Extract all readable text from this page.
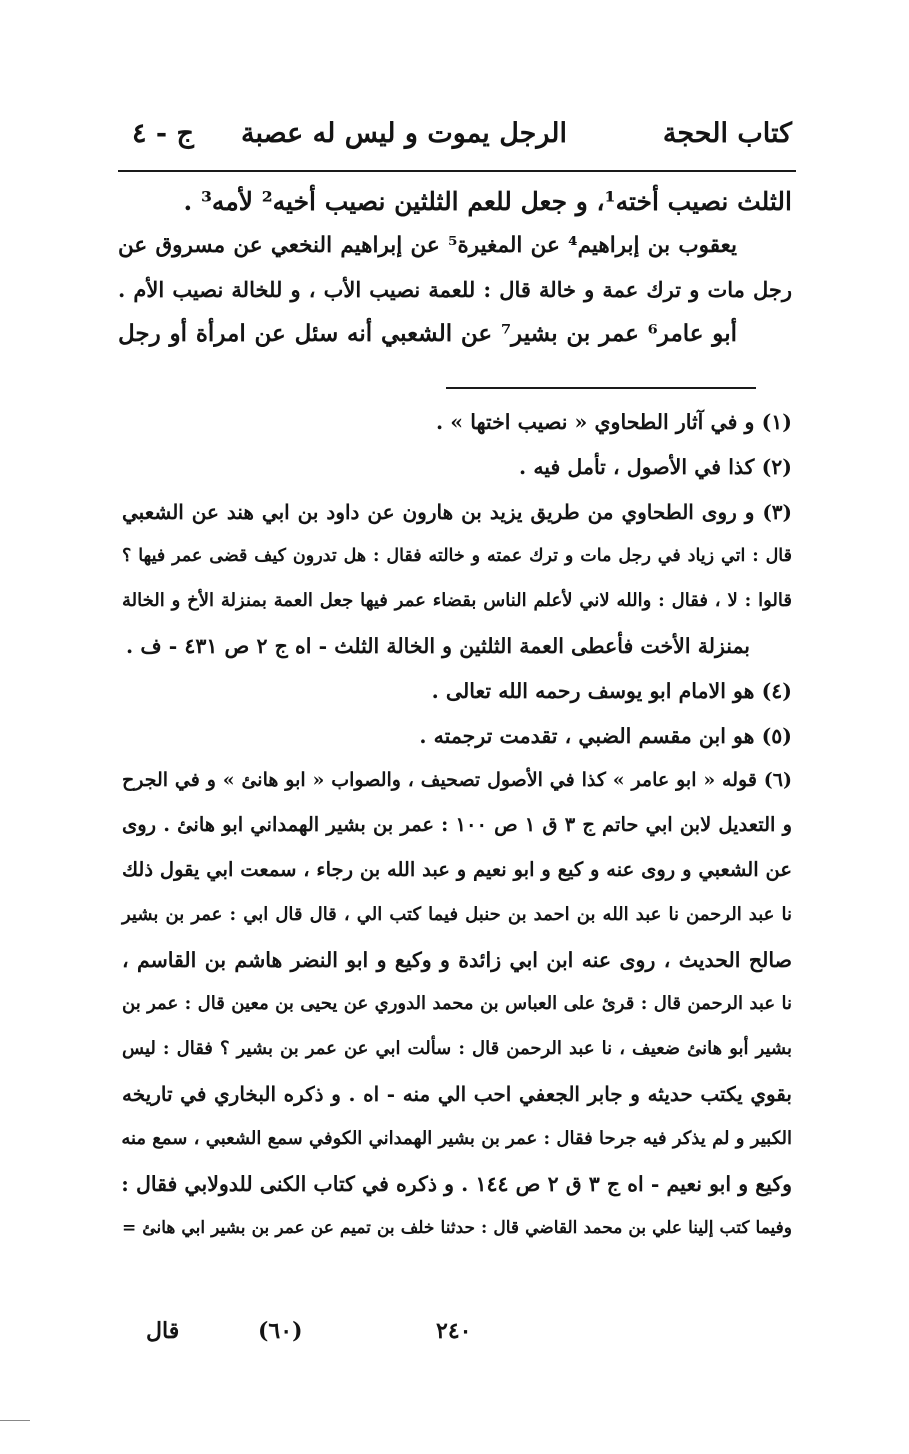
كتاب الحجة
الرجل يموت و ليس له عصبة
ج - ٤
الثلث نصيب أخته¹، و جعل للعم الثلثين نصيب أخيه² لأمه³ .
يعقوب بن إبراهيم⁴ عن المغيرة⁵ عن إبراهيم النخعي عن مسروق عن
رجل مات و ترك عمة و خالة قال : للعمة نصيب الأب ، و للخالة نصيب الأم .
أبو عامر⁶ عمر بن بشير⁷ عن الشعبي أنه سئل عن امرأة أو رجل
(١) و في آثار الطحاوي « نصيب اختها » .
(٢) كذا في الأصول ، تأمل فيه .
(٣) و روى الطحاوي من طريق يزيد بن هارون عن داود بن ابي هند عن الشعبي
قال : اتي زياد في رجل مات و ترك عمته و خالته فقال : هل تدرون كيف قضى عمر فيها ؟
قالوا : لا ، فقال : والله لاني لأعلم الناس بقضاء عمر فيها جعل العمة بمنزلة الأخ و الخالة
بمنزلة الأخت فأعطى العمة الثلثين و الخالة الثلث - اه ج ٢ ص ٤٣١ - ف .
(٤) هو الامام ابو يوسف رحمه الله تعالى .
(٥) هو ابن مقسم الضبي ، تقدمت ترجمته .
(٦) قوله « ابو عامر » كذا في الأصول تصحيف ، والصواب « ابو هانئ » و في الجرح
و التعديل لابن ابي حاتم ج ٣ ق ١ ص ١٠٠ : عمر بن بشير الهمداني ابو هانئ . روى
عن الشعبي و روى عنه و كيع و ابو نعيم و عبد الله بن رجاء ، سمعت ابي يقول ذلك
نا عبد الرحمن نا عبد الله بن احمد بن حنبل فيما كتب الي ، قال قال ابي : عمر بن بشير
صالح الحديث ، روى عنه ابن ابي زائدة و وكيع و ابو النضر هاشم بن القاسم ،
نا عبد الرحمن قال : قرئ على العباس بن محمد الدوري عن يحيى بن معين قال : عمر بن
بشير أبو هانئ ضعيف ، نا عبد الرحمن قال : سألت ابي عن عمر بن بشير ؟ فقال : ليس
بقوي يكتب حديثه و جابر الجعفي احب الي منه - اه . و ذكره البخاري في تاريخه
الكبير و لم يذكر فيه جرحا فقال : عمر بن بشير الهمداني الكوفي سمع الشعبي ، سمع منه
وكيع و ابو نعيم - اه ج ٣ ق ٢ ص ١٤٤ . و ذكره في كتاب الكنى للدولابي فقال :
وفيما كتب إلينا علي بن محمد القاضي قال : حدثنا خلف بن تميم عن عمر بن بشير ابي هانئ =
قال	(٦٠)	٢٤٠
